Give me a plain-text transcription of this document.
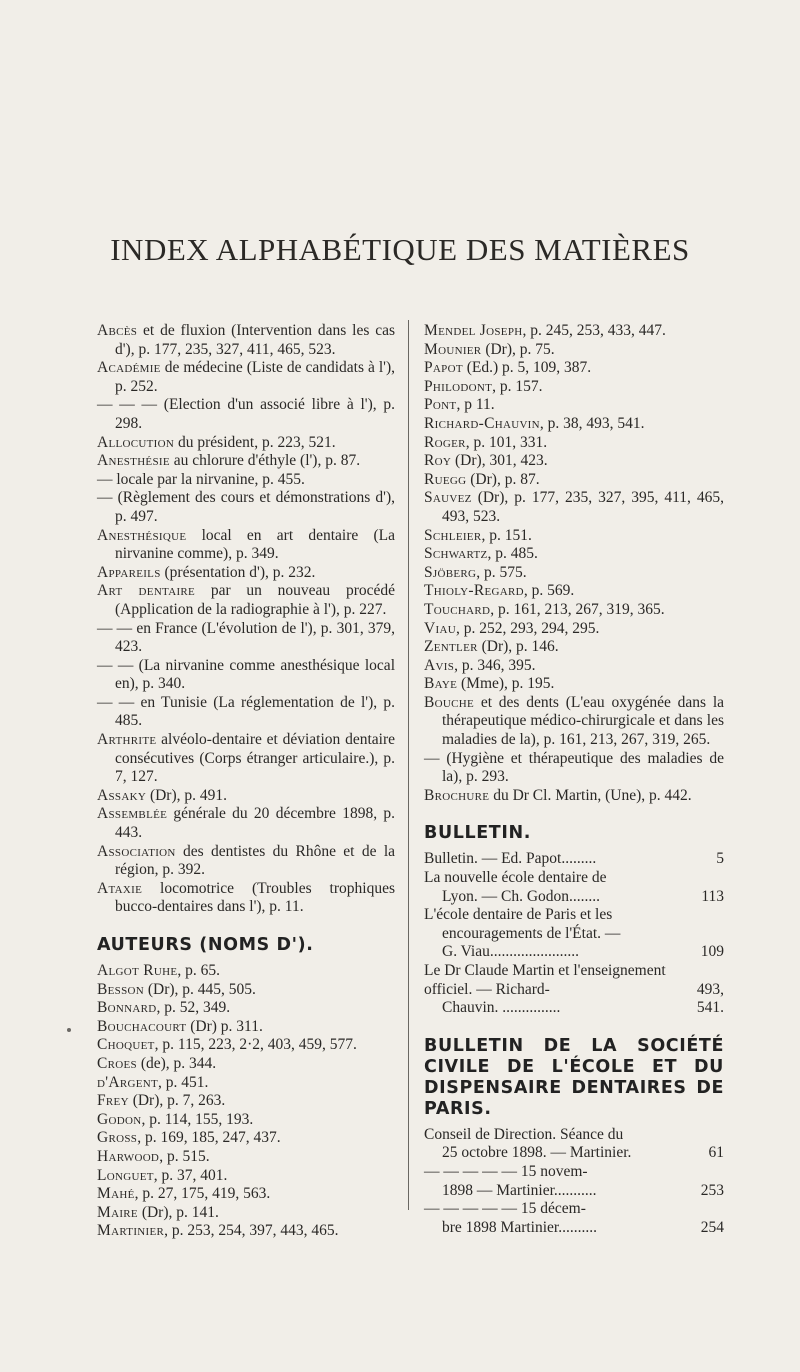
INDEX ALPHABÉTIQUE DES MATIÈRES

Abcès et de fluxion (Intervention dans les cas d'), p. 177, 235, 327, 411, 465, 523.

Académie de médecine (Liste de candidats à l'), p. 252.

— — — (Election d'un associé libre à l'), p. 298.

Allocution du président, p. 223, 521.

Anesthésie au chlorure d'éthyle (l'), p. 87.

— locale par la nirvanine, p. 455.

— (Règlement des cours et démonstrations d'), p. 497.

Anesthésique local en art dentaire (La nirvanine comme), p. 349.

Appareils (présentation d'), p. 232.

Art dentaire par un nouveau procédé (Application de la radiographie à l'), p. 227.

— — en France (L'évolution de l'), p. 301, 379, 423.

— — (La nirvanine comme anesthésique local en), p. 340.

— — en Tunisie (La réglementation de l'), p. 485.

Arthrite alvéolo-dentaire et déviation dentaire consécutives (Corps étranger articulaire.), p. 7, 127.

Assaky (Dr), p. 491.

Assemblée générale du 20 décembre 1898, p. 443.

Association des dentistes du Rhône et de la région, p. 392.

Ataxie locomotrice (Troubles trophiques bucco-dentaires dans l'), p. 11.

AUTEURS (NOMS D').

Algot Ruhe, p. 65.

Besson (Dr), p. 445, 505.

Bonnard, p. 52, 349.

Bouchacourt (Dr) p. 311.

Choquet, p. 115, 223, 2·2, 403, 459, 577.

Croes (de), p. 344.

d'Argent, p. 451.

Frey (Dr), p. 7, 263.

Godon, p. 114, 155, 193.

Gross, p. 169, 185, 247, 437.

Harwood, p. 515.

Longuet, p. 37, 401.

Mahé, p. 27, 175, 419, 563.

Maire (Dr), p. 141.

Martinier, p. 253, 254, 397, 443, 465.

Mendel Joseph, p. 245, 253, 433, 447.

Mounier (Dr), p. 75.

Papot (Ed.) p. 5, 109, 387.

Philodont, p. 157.

Pont, p 11.

Richard-Chauvin, p. 38, 493, 541.

Roger, p. 101, 331.

Roy (Dr), 301, 423.

Ruegg (Dr), p. 87.

Sauvez (Dr), p. 177, 235, 327, 395, 411, 465, 493, 523.

Schleier, p. 151.

Schwartz, p. 485.

Sjöberg, p. 575.

Thioly-Regard, p. 569.

Touchard, p. 161, 213, 267, 319, 365.

Viau, p. 252, 293, 294, 295.

Zentler (Dr), p. 146.

Avis, p. 346, 395.

Baye (Mme), p. 195.

Bouche et des dents (L'eau oxygénée dans la thérapeutique médico-chirurgicale et dans les maladies de la), p. 161, 213, 267, 319, 265.

— (Hygiène et thérapeutique des maladies de la), p. 293.

Brochure du Dr Cl. Martin, (Une), p. 442.

BULLETIN.
Bulletin. — Ed. Papot.........	5
La nouvelle école dentaire de
Lyon. — Ch. Godon........	113
L'école dentaire de Paris et les
encouragements de l'État. —
G. Viau.......................	109
Le Dr Claude Martin et l'enseignement officiel. — Richard-
Chauvin. ...............
	493, 541.
BULLETIN DE LA SOCIÉTÉ CIVILE DE L'ÉCOLE ET DU DISPENSAIRE DENTAIRES DE PARIS.
Conseil de Direction. Séance du
25 octobre 1898. — Martinier.	61
— — — — — 15 novem-
1898 — Martinier...........	253
— — — — — 15 décem-
bre 1898 Martinier..........	254
